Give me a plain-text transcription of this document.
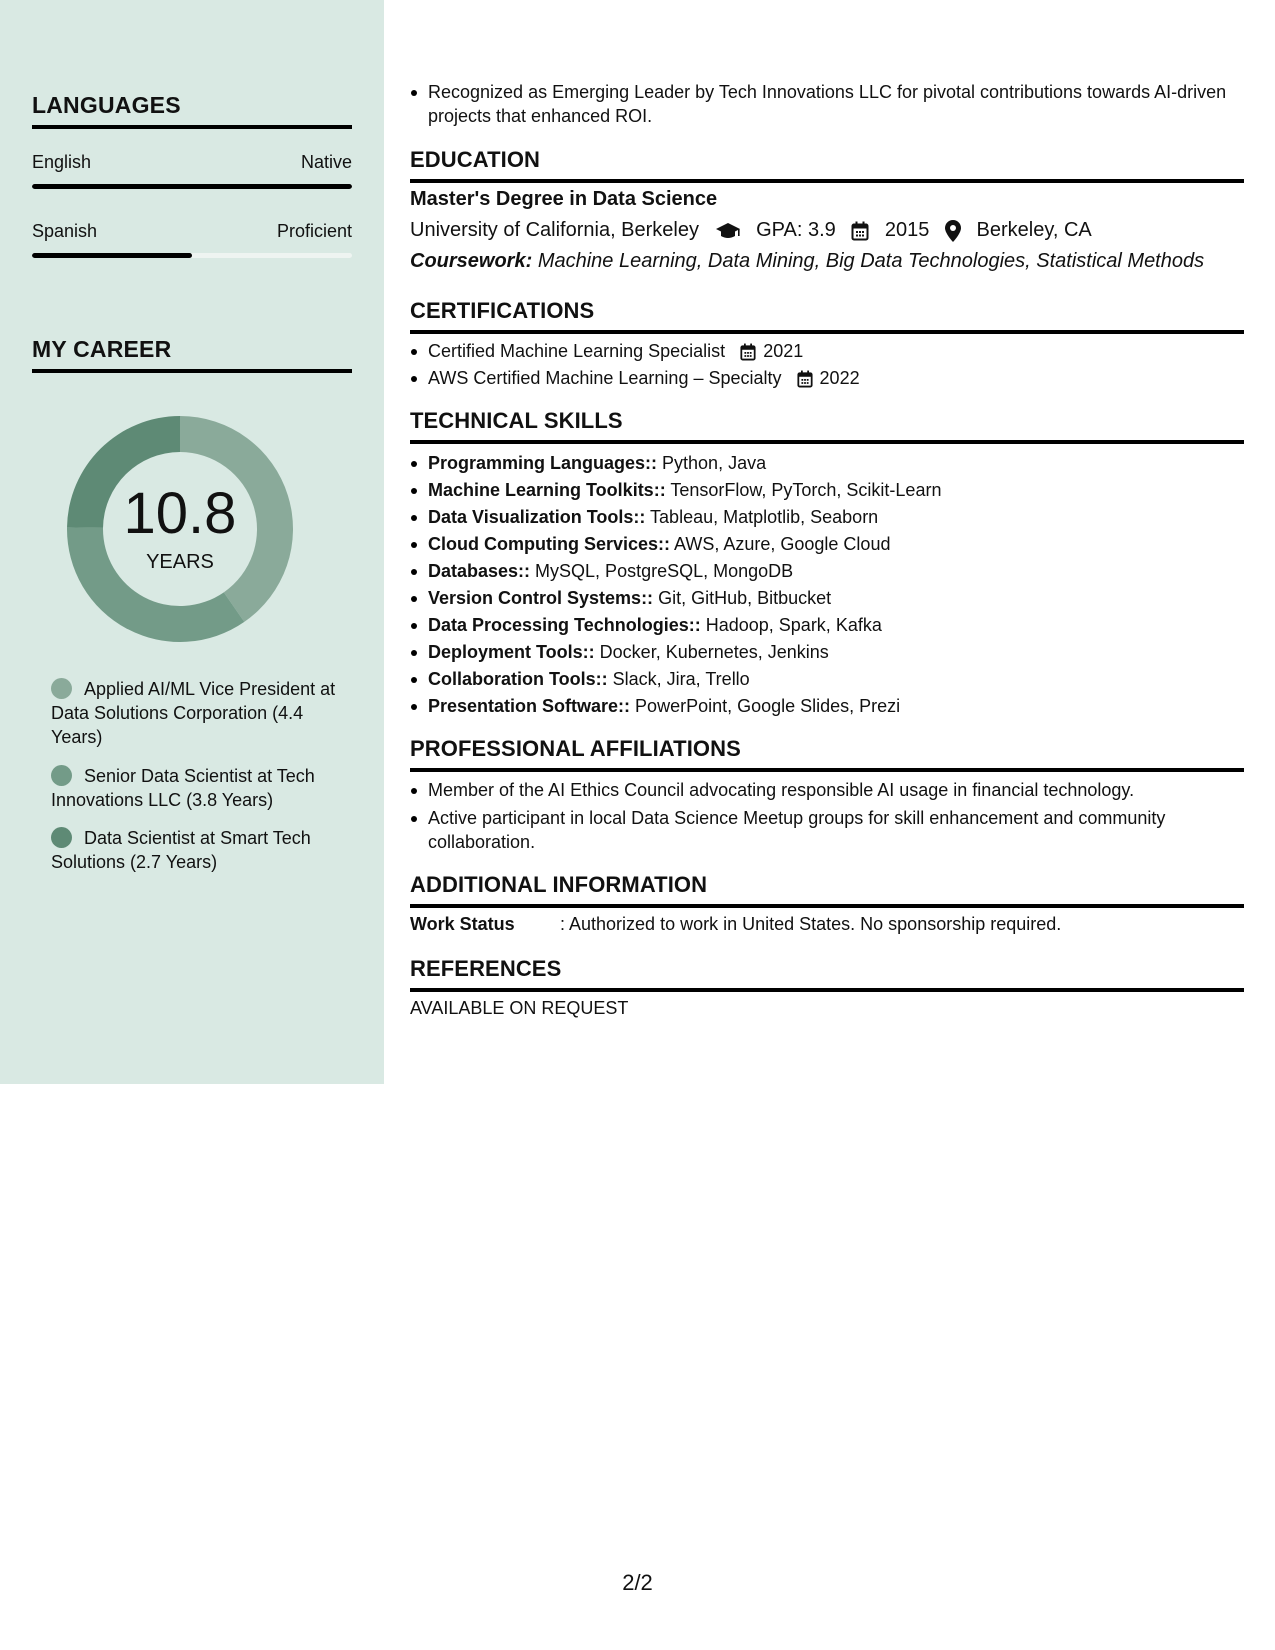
LANGUAGES
English	Native
Spanish	Proficient
MY CAREER
10.8
YEARS
Applied AI/ML Vice President at Data Solutions Corporation (4.4 Years)
Senior Data Scientist at Tech Innovations LLC (3.8 Years)
Data Scientist at Smart Tech Solutions (2.7 Years)
Recognized as Emerging Leader by Tech Innovations LLC for pivotal contributions towards AI-driven projects that enhanced ROI.
EDUCATION
Master's Degree in Data Science
University of California, Berkeley	GPA: 3.9 2015 Berkeley, CA
Coursework: Machine Learning, Data Mining, Big Data Technologies, Statistical Methods
CERTIFICATIONS
Certified Machine Learning Specialist 2021
AWS Certified Machine Learning – Specialty 2022
TECHNICAL SKILLS
Programming Languages:: Python, Java
Machine Learning Toolkits:: TensorFlow, PyTorch, Scikit-Learn
Data Visualization Tools:: Tableau, Matplotlib, Seaborn
Cloud Computing Services:: AWS, Azure, Google Cloud
Databases:: MySQL, PostgreSQL, MongoDB
Version Control Systems:: Git, GitHub, Bitbucket
Data Processing Technologies:: Hadoop, Spark, Kafka
Deployment Tools:: Docker, Kubernetes, Jenkins
Collaboration Tools:: Slack, Jira, Trello
Presentation Software:: PowerPoint, Google Slides, Prezi
PROFESSIONAL AFFILIATIONS
Member of the AI Ethics Council advocating responsible AI usage in financial technology.
Active participant in local Data Science Meetup groups for skill enhancement and community collaboration.
ADDITIONAL INFORMATION
Work Status	: Authorized to work in United States. No sponsorship required.
REFERENCES
AVAILABLE ON REQUEST
2/2
